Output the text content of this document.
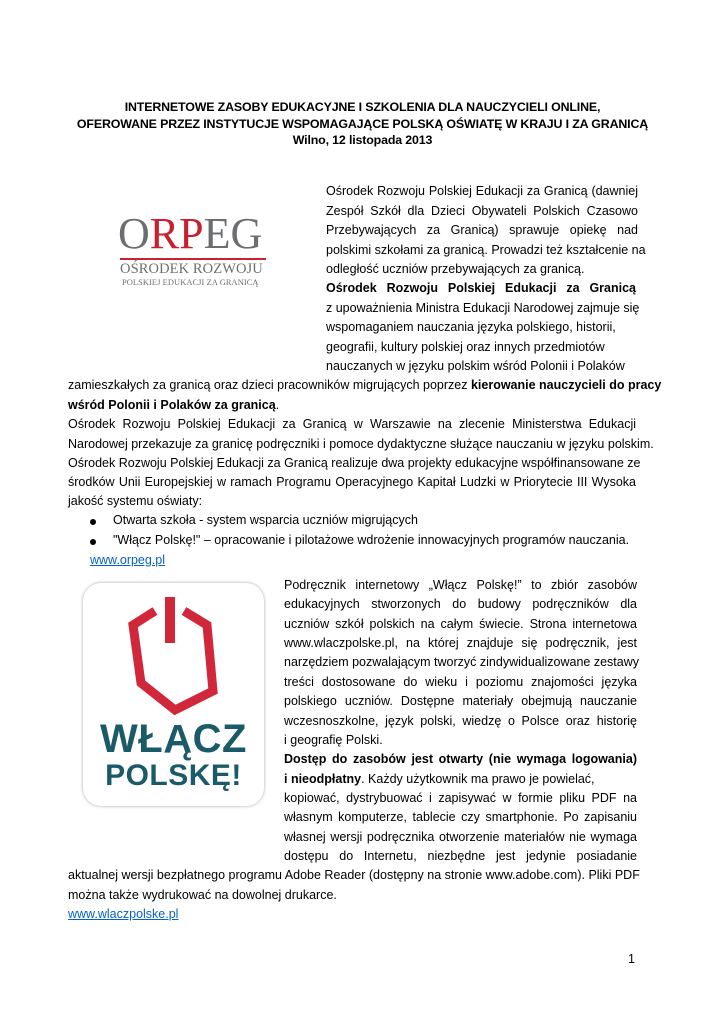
INTERNETOWE ZASOBY EDUKACYJNE I SZKOLENIA DLA NAUCZYCIELI ONLINE,
OFEROWANE PRZEZ INSTYTUCJE WSPOMAGAJĄCE POLSKĄ OŚWIATĘ W KRAJU I ZA GRANICĄ
Wilno, 12 listopada 2013
ORPEG
OŚRODEK ROZWOJU
POLSKIEJ EDUKACJI ZA GRANICĄ
Ośrodek Rozwoju Polskiej Edukacji za Granicą (dawniej
Zespół Szkół dla Dzieci Obywateli Polskich Czasowo
Przebywających za Granicą) sprawuje opiekę nad
polskimi szkołami za granicą. Prowadzi też kształcenie na
odległość uczniów przebywających za granicą.
Ośrodek Rozwoju Polskiej Edukacji za Granicą
z upoważnienia Ministra Edukacji Narodowej zajmuje się
wspomaganiem nauczania języka polskiego, historii,
geografii, kultury polskiej oraz innych przedmiotów
nauczanych w języku polskim wśród Polonii i Polaków
zamieszkałych za granicą oraz dzieci pracowników migrujących poprzez kierowanie nauczycieli do pracy
wśród Polonii i Polaków za granicą.
Ośrodek Rozwoju Polskiej Edukacji za Granicą w Warszawie na zlecenie Ministerstwa Edukacji
Narodowej przekazuje za granicę podręczniki i pomoce dydaktyczne służące nauczaniu w języku polskim.
Ośrodek Rozwoju Polskiej Edukacji za Granicą realizuje dwa projekty edukacyjne współfinansowane ze
środków Unii Europejskiej w ramach Programu Operacyjnego Kapitał Ludzki w Priorytecie III Wysoka
jakość systemu oświaty:
Otwarta szkoła - system wsparcia uczniów migrujących
"Włącz Polskę!" – opracowanie i pilotażowe wdrożenie innowacyjnych programów nauczania.
www.orpeg.pl
WŁĄCZ
POLSKĘ!
Podręcznik internetowy „Włącz Polskę!” to zbiór zasobów
edukacyjnych stworzonych do budowy podręczników dla
uczniów szkół polskich na całym świecie. Strona internetowa
www.wlaczpolske.pl, na której znajduje się podręcznik, jest
narzędziem pozwalającym tworzyć zindywidualizowane zestawy
treści dostosowane do wieku i poziomu znajomości języka
polskiego uczniów. Dostępne materiały obejmują nauczanie
wczesnoszkolne, język polski, wiedzę o Polsce oraz historię
i geografię Polski.
Dostęp do zasobów jest otwarty (nie wymaga logowania)
i nieodpłatny. Każdy użytkownik ma prawo je powielać,
kopiować, dystrybuować i zapisywać w formie pliku PDF na
własnym komputerze, tablecie czy smartphonie. Po zapisaniu
własnej wersji podręcznika otworzenie materiałów nie wymaga
dostępu do Internetu, niezbędne jest jedynie posiadanie
aktualnej wersji bezpłatnego programu Adobe Reader (dostępny na stronie www.adobe.com). Pliki PDF
można także wydrukować na dowolnej drukarce.
www.wlaczpolske.pl
1
